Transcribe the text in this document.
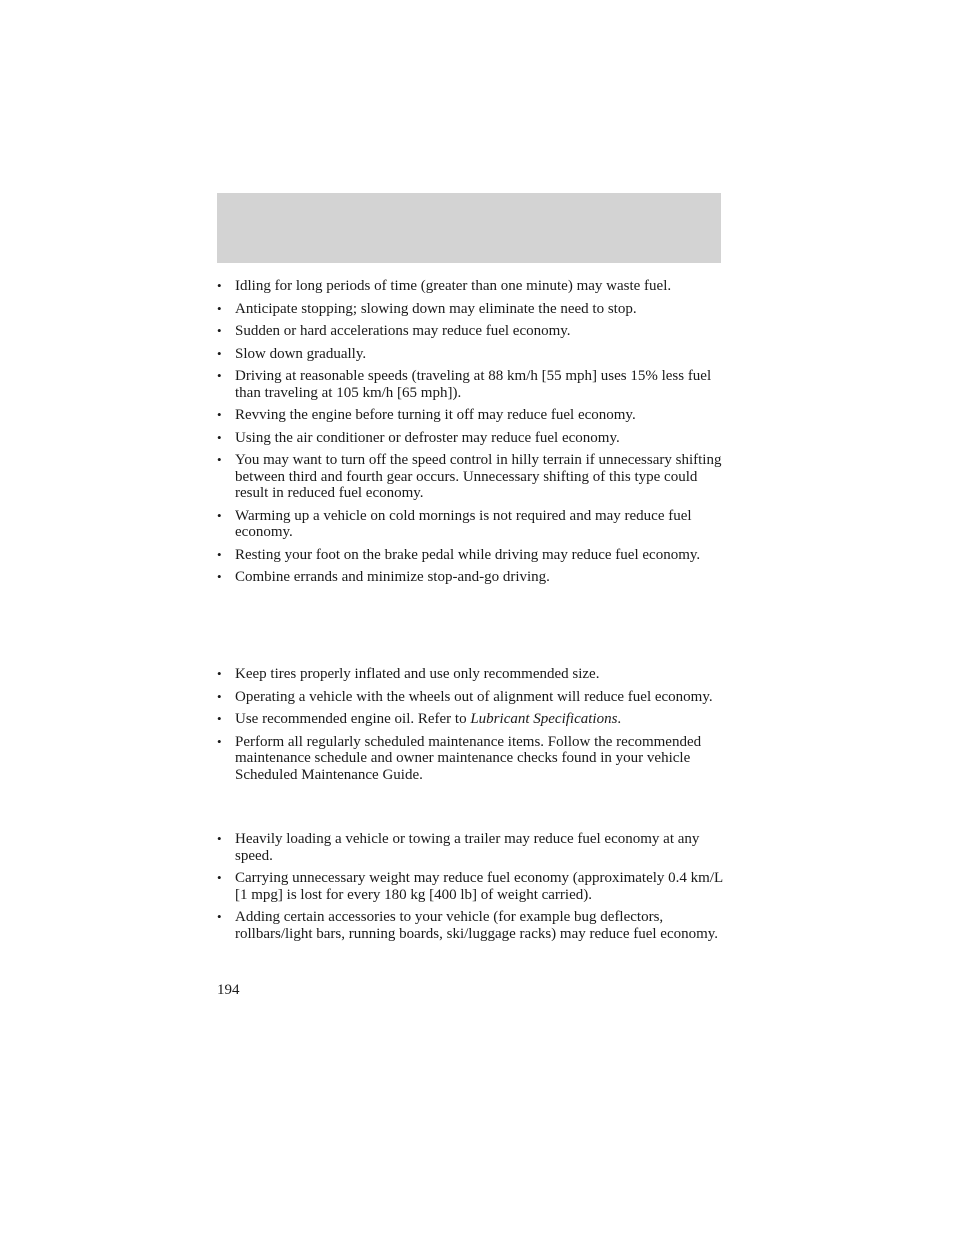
• Idling for long periods of time (greater than one minute) may waste fuel.
• Anticipate stopping; slowing down may eliminate the need to stop.
• Sudden or hard accelerations may reduce fuel economy.
• Slow down gradually.
• Driving at reasonable speeds (traveling at 88 km/h [55 mph] uses 15% less fuel than traveling at 105 km/h [65 mph]).
• Revving the engine before turning it off may reduce fuel economy.
• Using the air conditioner or defroster may reduce fuel economy.
• You may want to turn off the speed control in hilly terrain if unnecessary shifting between third and fourth gear occurs. Unnecessary shifting of this type could result in reduced fuel economy.
• Warming up a vehicle on cold mornings is not required and may reduce fuel economy.
• Resting your foot on the brake pedal while driving may reduce fuel economy.
• Combine errands and minimize stop-and-go driving.
• Keep tires properly inflated and use only recommended size.
• Operating a vehicle with the wheels out of alignment will reduce fuel economy.
• Use recommended engine oil. Refer to Lubricant Specifications.
• Perform all regularly scheduled maintenance items. Follow the recommended maintenance schedule and owner maintenance checks found in your vehicle Scheduled Maintenance Guide.
• Heavily loading a vehicle or towing a trailer may reduce fuel economy at any speed.
• Carrying unnecessary weight may reduce fuel economy (approximately 0.4 km/L [1 mpg] is lost for every 180 kg [400 lb] of weight carried).
• Adding certain accessories to your vehicle (for example bug deflectors, rollbars/light bars, running boards, ski/luggage racks) may reduce fuel economy.
194
